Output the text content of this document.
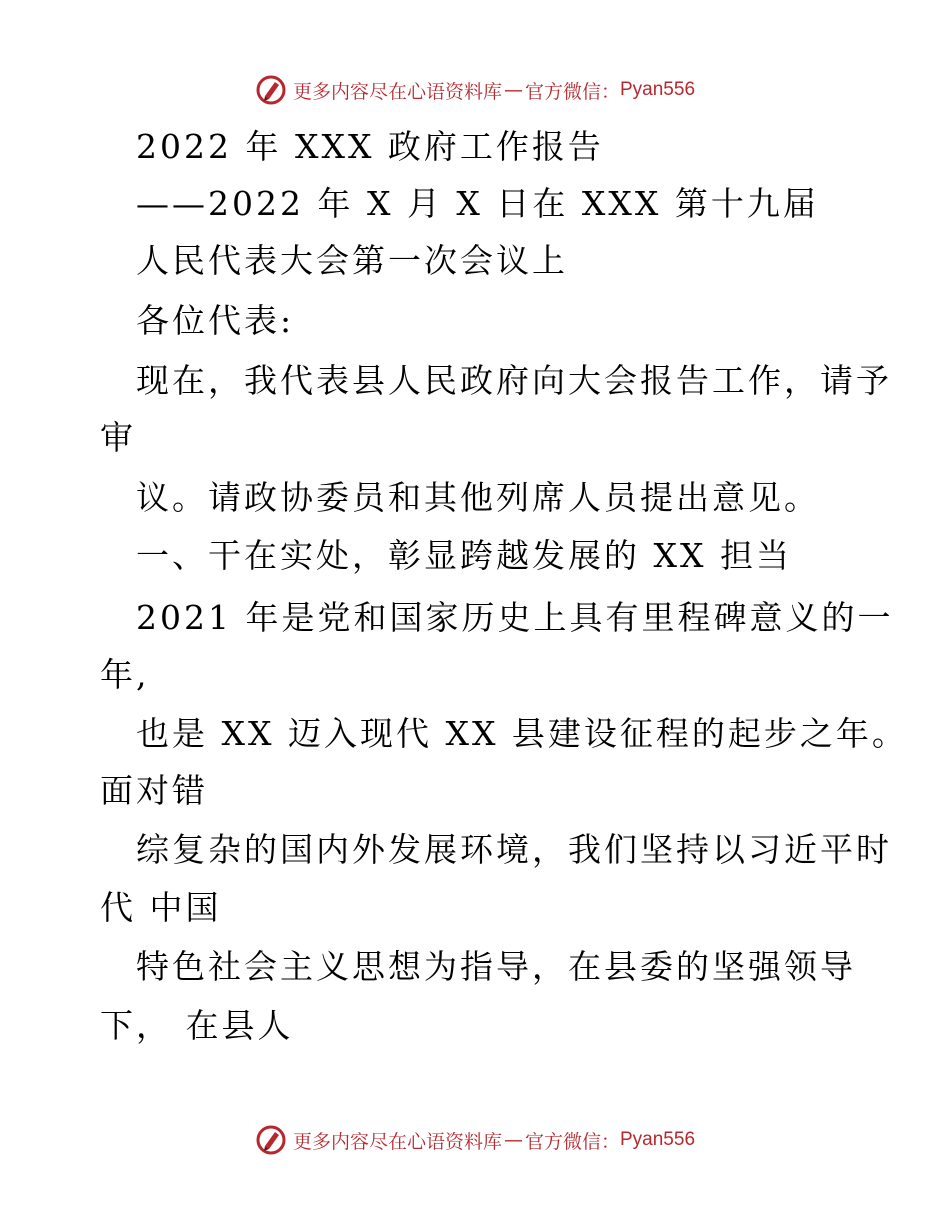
更多内容尽在心语资料库 — 官方微信： Pyan556
2022 年 XXX 政府工作报告
——2022 年 X 月 X 日在 XXX 第十九届
人民代表大会第一次会议上
各位代表:
现在，我代表县人民政府向大会报告工作，请予
审
议。请政协委员和其他列席人员提出意见。
一、干在实处，彰显跨越发展的 XX 担当
2021 年是党和国家历史上具有里程碑意义的一
年,
也是 XX 迈入现代 XX 县建设征程的起步之年。
面对错
综复杂的国内外发展环境，我们坚持以习近平时
代 中国
特色社会主义思想为指导，在县委的坚强领导
下， 在县人
更多内容尽在心语资料库 — 官方微信： Pyan556
